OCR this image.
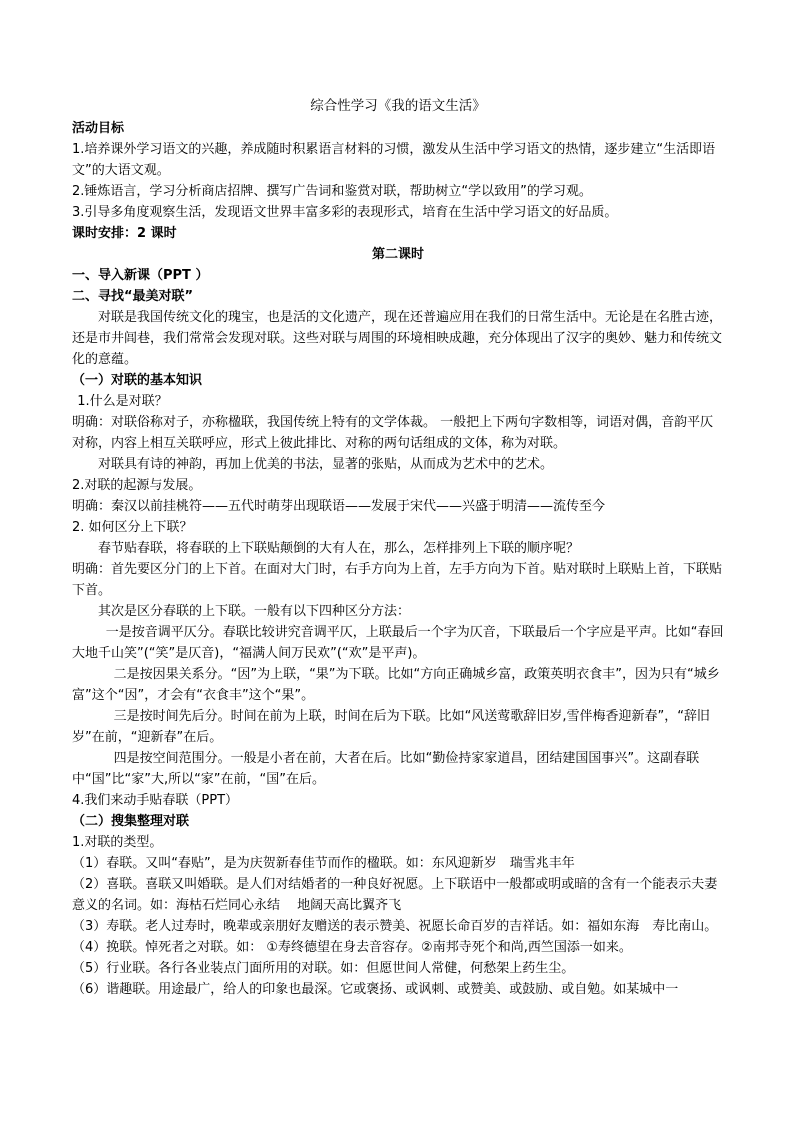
综合性学习《我的语文生活》

活动目标

1.培养课外学习语文的兴趣，养成随时积累语言材料的习惯，激发从生活中学习语文的热情，逐步建立“生活即语文”的大语文观。

2.锤炼语言，学习分析商店招牌、撰写广告词和鉴赏对联，帮助树立“学以致用”的学习观。

3.引导多角度观察生活，发现语文世界丰富多彩的表现形式，培育在生活中学习语文的好品质。

课时安排：2 课时

第二课时

一、导入新课（PPT ）

二、寻找“最美对联”

对联是我国传统文化的瑰宝，也是活的文化遗产，现在还普遍应用在我们的日常生活中。无论是在名胜古迹，还是市井闾巷，我们常常会发现对联。这些对联与周围的环境相映成趣，充分体现出了汉字的奥妙、魅力和传统文化的意蕴。

（一）对联的基本知识

1.什么是对联？

明确：对联俗称对子，亦称楹联，我国传统上特有的文学体裁。 一般把上下两句字数相等，词语对偶，音韵平仄对称，内容上相互关联呼应，形式上彼此排比、对称的两句话组成的文体，称为对联。

对联具有诗的神韵，再加上优美的书法，显著的张贴，从而成为艺术中的艺术。

2.对联的起源与发展。

明确：秦汉以前挂桃符——五代时萌芽出现联语——发展于宋代——兴盛于明清——流传至今

2. 如何区分上下联？

春节贴春联，将春联的上下联贴颠倒的大有人在，那么，怎样排列上下联的顺序呢？

明确：首先要区分门的上下首。在面对大门时，右手方向为上首，左手方向为下首。贴对联时上联贴上首，下联贴下首。

其次是区分春联的上下联。一般有以下四种区分方法：

一是按音调平仄分。春联比较讲究音调平仄，上联最后一个字为仄音，下联最后一个字应是平声。比如“春回大地千山笑”(“笑”是仄音)，“福满人间万民欢”(“欢”是平声)。

二是按因果关系分。“因”为上联，“果”为下联。比如“方向正确城乡富，政策英明衣食丰”，因为只有“城乡富”这个“因”，才会有“衣食丰”这个“果”。

三是按时间先后分。时间在前为上联，时间在后为下联。比如“风送莺歌辞旧岁,雪伴梅香迎新春”，“辞旧岁”在前，“迎新春”在后。

四是按空间范围分。一般是小者在前，大者在后。比如“勤俭持家家道昌，团结建国国事兴”。这副春联中“国”比“家”大,所以“家”在前，“国”在后。

4.我们来动手贴春联（PPT）

（二）搜集整理对联

1.对联的类型。

（1）春联。又叫“春贴”，是为庆贺新春佳节而作的楹联。如：东风迎新岁　瑞雪兆丰年

（2）喜联。喜联又叫婚联。是人们对结婚者的一种良好祝愿。上下联语中一般都或明或暗的含有一个能表示夫妻意义的名词。如：海枯石烂同心永结　 地阔天高比翼齐飞

（3）寿联。老人过寿时，晚辈或亲朋好友赠送的表示赞美、祝愿长命百岁的吉祥话。如：福如东海　寿比南山。

（4）挽联。悼死者之对联。如： ①寿终德望在身去音容存。②南邦寺死个和尚,西竺国添一如来。

（5）行业联。各行各业装点门面所用的对联。如：但愿世间人常健，何愁架上药生尘。

（6）谐趣联。用途最广，给人的印象也最深。它或褒扬、或讽刺、或赞美、或鼓励、或自勉。如某城中一
